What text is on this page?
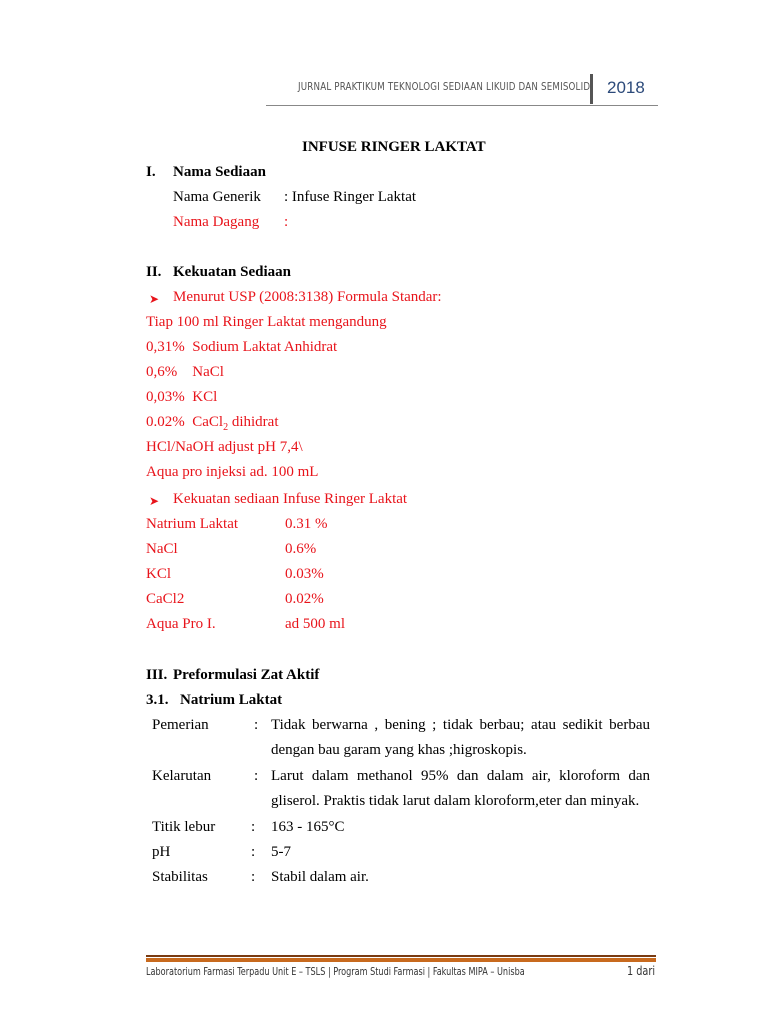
JURNAL PRAKTIKUM TEKNOLOGI SEDIAAN LIKUID DAN SEMISOLID 2018
INFUSE RINGER LAKTAT
I. Nama Sediaan
Nama Generik : Infuse Ringer Laktat
Nama Dagang :
II. Kekuatan Sediaan
➤ Menurut USP (2008:3138) Formula Standar:
Tiap 100 ml Ringer Laktat mengandung
0,31%  Sodium Laktat Anhidrat
0,6%    NaCl
0,03%  KCl
0.02%  CaCl$_2$ dihidrat
HCl/NaOH adjust pH 7,4\
Aqua pro injeksi ad. 100 mL
➤ Kekuatan sediaan Infuse Ringer Laktat
Natrium Laktat	0.31 %
NaCl	0.6%
KCl	0.03%
CaCl2	0.02%
Aqua Pro I.	ad 500 ml
III. Preformulasi Zat Aktif
3.1. Natrium Laktat
Pemerian	: Tidak berwarna , bening ; tidak berbau; atau sedikit berbau
dengan bau garam yang khas ;higroskopis.
Kelarutan	: Larut dalam methanol 95% dan dalam air, kloroform dan
gliserol. Praktis tidak larut dalam kloroform,eter dan minyak.
Titik lebur : 163 - 165°C
pH	: 5-7
Stabilitas	: Stabil dalam air.
Laboratorium Farmasi Terpadu Unit E – TSLS | Program Studi Farmasi | Fakultas MIPA – Unisba	1 dari
